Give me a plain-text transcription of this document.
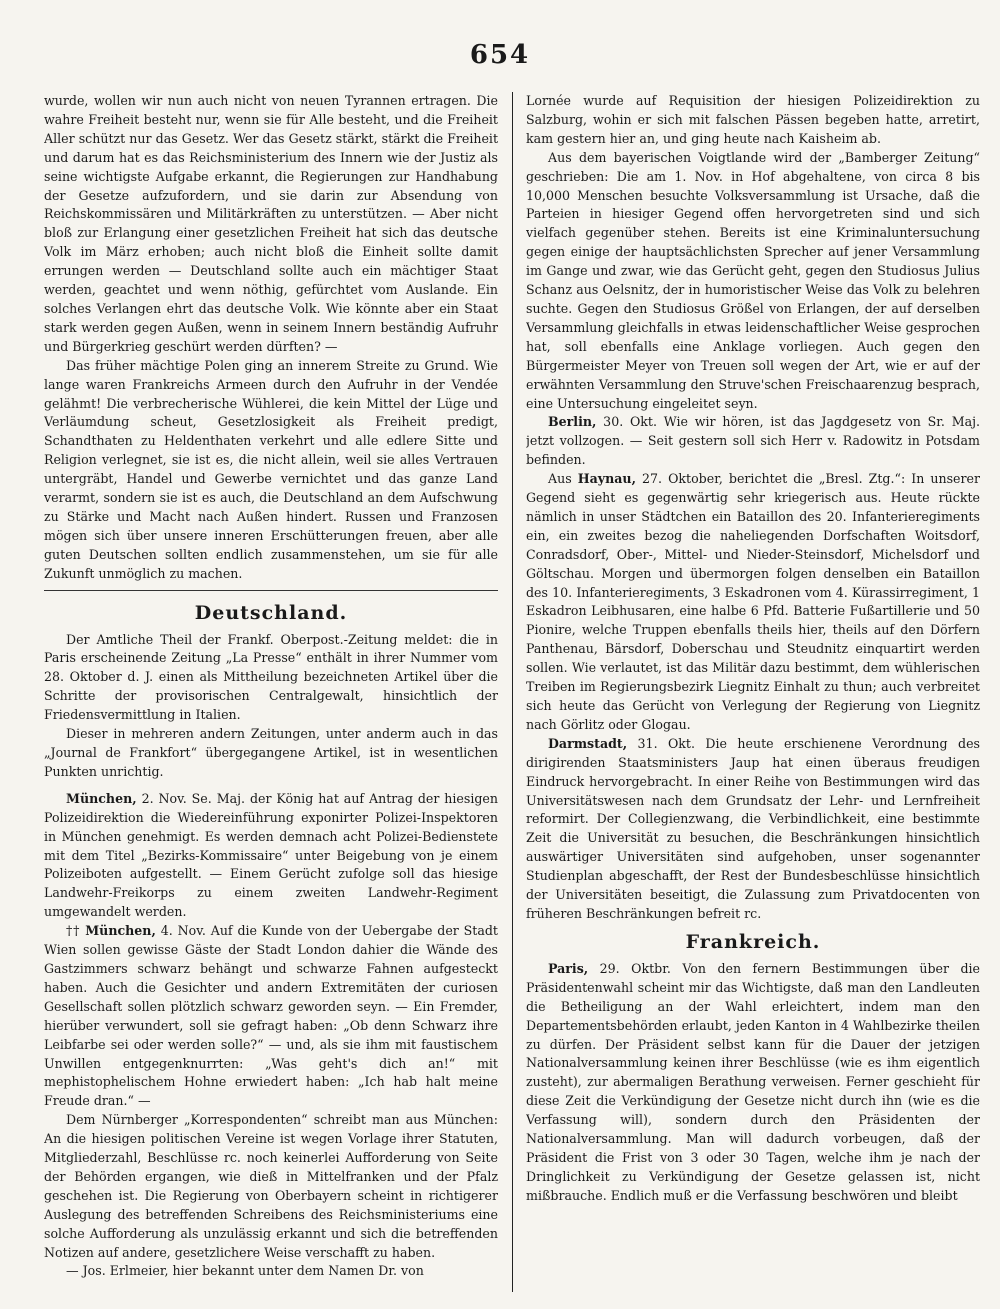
654

wurde, wollen wir nun auch nicht von neuen Tyrannen ertragen. Die wahre Freiheit besteht nur, wenn sie für Alle besteht, und die Freiheit Aller schützt nur das Gesetz. Wer das Gesetz stärkt, stärkt die Freiheit und darum hat es das Reichsministerium des Innern wie der Justiz als seine wichtigste Aufgabe erkannt, die Regierungen zur Handhabung der Gesetze aufzufordern, und sie darin zur Absendung von Reichskommissären und Militärkräften zu unterstützen. — Aber nicht bloß zur Erlangung einer gesetzlichen Freiheit hat sich das deutsche Volk im März erhoben; auch nicht bloß die Einheit sollte damit errungen werden — Deutschland sollte auch ein mächtiger Staat werden, geachtet und wenn nöthig, gefürchtet vom Auslande. Ein solches Verlangen ehrt das deutsche Volk. Wie könnte aber ein Staat stark werden gegen Außen, wenn in seinem Innern beständig Aufruhr und Bürgerkrieg geschürt werden dürften? —

Das früher mächtige Polen ging an innerem Streite zu Grund. Wie lange waren Frankreichs Armeen durch den Aufruhr in der Vendée gelähmt! Die verbrecherische Wühlerei, die kein Mittel der Lüge und Verläumdung scheut, Gesetzlosigkeit als Freiheit predigt, Schandthaten zu Heldenthaten verkehrt und alle edlere Sitte und Religion verlegnet, sie ist es, die nicht allein, weil sie alles Vertrauen untergräbt, Handel und Gewerbe vernichtet und das ganze Land verarmt, sondern sie ist es auch, die Deutschland an dem Aufschwung zu Stärke und Macht nach Außen hindert. Russen und Franzosen mögen sich über unsere inneren Erschütterungen freuen, aber alle guten Deutschen sollten endlich zusammenstehen, um sie für alle Zukunft unmöglich zu machen.

Deutschland.

Der Amtliche Theil der Frankf. Oberpost.-Zeitung meldet: die in Paris erscheinende Zeitung „La Presse“ enthält in ihrer Nummer vom 28. Oktober d. J. einen als Mittheilung bezeichneten Artikel über die Schritte der provisorischen Centralgewalt, hinsichtlich der Friedensvermittlung in Italien.

Dieser in mehreren andern Zeitungen, unter anderm auch in das „Journal de Frankfort“ übergegangene Artikel, ist in wesentlichen Punkten unrichtig.

München, 2. Nov. Se. Maj. der König hat auf Antrag der hiesigen Polizeidirektion die Wiedereinführung exponirter Polizei-Inspektoren in München genehmigt. Es werden demnach acht Polizei-Bedienstete mit dem Titel „Bezirks-Kommissaire“ unter Beigebung von je einem Polizeiboten aufgestellt. — Einem Gerücht zufolge soll das hiesige Landwehr-Freikorps zu einem zweiten Landwehr-Regiment umgewandelt werden.

†† München, 4. Nov. Auf die Kunde von der Uebergabe der Stadt Wien sollen gewisse Gäste der Stadt London dahier die Wände des Gastzimmers schwarz behängt und schwarze Fahnen aufgesteckt haben. Auch die Gesichter und andern Extremitäten der curiosen Gesellschaft sollen plötzlich schwarz geworden seyn. — Ein Fremder, hierüber verwundert, soll sie gefragt haben: „Ob denn Schwarz ihre Leibfarbe sei oder werden solle?“ — und, als sie ihm mit faustischem Unwillen entgegenknurrten: „Was geht's dich an!“ mit mephistophelischem Hohne erwiedert haben: „Ich hab halt meine Freude dran.“ —

Dem Nürnberger „Korrespondenten“ schreibt man aus München: An die hiesigen politischen Vereine ist wegen Vorlage ihrer Statuten, Mitgliederzahl, Beschlüsse rc. noch keinerlei Aufforderung von Seite der Behörden ergangen, wie dieß in Mittelfranken und der Pfalz geschehen ist. Die Regierung von Oberbayern scheint in richtigerer Auslegung des betreffenden Schreibens des Reichsministeriums eine solche Aufforderung als unzulässig erkannt und sich die betreffenden Notizen auf andere, gesetzlichere Weise verschafft zu haben.

— Jos. Erlmeier, hier bekannt unter dem Namen Dr. von

Lornée wurde auf Requisition der hiesigen Polizeidirektion zu Salzburg, wohin er sich mit falschen Pässen begeben hatte, arretirt, kam gestern hier an, und ging heute nach Kaisheim ab.

Aus dem bayerischen Voigtlande wird der „Bamberger Zeitung“ geschrieben: Die am 1. Nov. in Hof abgehaltene, von circa 8 bis 10,000 Menschen besuchte Volksversammlung ist Ursache, daß die Parteien in hiesiger Gegend offen hervorgetreten sind und sich vielfach gegenüber stehen. Bereits ist eine Kriminaluntersuchung gegen einige der hauptsächlichsten Sprecher auf jener Versammlung im Gange und zwar, wie das Gerücht geht, gegen den Studiosus Julius Schanz aus Oelsnitz, der in humoristischer Weise das Volk zu belehren suchte. Gegen den Studiosus Größel von Erlangen, der auf derselben Versammlung gleichfalls in etwas leidenschaftlicher Weise gesprochen hat, soll ebenfalls eine Anklage vorliegen. Auch gegen den Bürgermeister Meyer von Treuen soll wegen der Art, wie er auf der erwähnten Versammlung den Struve'schen Freischaarenzug besprach, eine Untersuchung eingeleitet seyn.

Berlin, 30. Okt. Wie wir hören, ist das Jagdgesetz von Sr. Maj. jetzt vollzogen. — Seit gestern soll sich Herr v. Radowitz in Potsdam befinden.

Aus Haynau, 27. Oktober, berichtet die „Bresl. Ztg.“: In unserer Gegend sieht es gegenwärtig sehr kriegerisch aus. Heute rückte nämlich in unser Städtchen ein Bataillon des 20. Infanterieregiments ein, ein zweites bezog die naheliegenden Dorfschaften Woitsdorf, Conradsdorf, Ober-, Mittel- und Nieder-Steinsdorf, Michelsdorf und Göltschau. Morgen und übermorgen folgen denselben ein Bataillon des 10. Infanterieregiments, 3 Eskadronen vom 4. Kürassirregiment, 1 Eskadron Leibhusaren, eine halbe 6 Pfd. Batterie Fußartillerie und 50 Pionire, welche Truppen ebenfalls theils hier, theils auf den Dörfern Panthenau, Bärsdorf, Doberschau und Steudnitz einquartirt werden sollen. Wie verlautet, ist das Militär dazu bestimmt, dem wühlerischen Treiben im Regierungsbezirk Liegnitz Einhalt zu thun; auch verbreitet sich heute das Gerücht von Verlegung der Regierung von Liegnitz nach Görlitz oder Glogau.

Darmstadt, 31. Okt. Die heute erschienene Verordnung des dirigirenden Staatsministers Jaup hat einen überaus freudigen Eindruck hervorgebracht. In einer Reihe von Bestimmungen wird das Universitätswesen nach dem Grundsatz der Lehr- und Lernfreiheit reformirt. Der Collegienzwang, die Verbindlichkeit, eine bestimmte Zeit die Universität zu besuchen, die Beschränkungen hinsichtlich auswärtiger Universitäten sind aufgehoben, unser sogenannter Studienplan abgeschafft, der Rest der Bundesbeschlüsse hinsichtlich der Universitäten beseitigt, die Zulassung zum Privatdocenten von früheren Beschränkungen befreit rc.

Frankreich.

Paris, 29. Oktbr. Von den fernern Bestimmungen über die Präsidentenwahl scheint mir das Wichtigste, daß man den Landleuten die Betheiligung an der Wahl erleichtert, indem man den Departementsbehörden erlaubt, jeden Kanton in 4 Wahlbezirke theilen zu dürfen. Der Präsident selbst kann für die Dauer der jetzigen Nationalversammlung keinen ihrer Beschlüsse (wie es ihm eigentlich zusteht), zur abermaligen Berathung verweisen. Ferner geschieht für diese Zeit die Verkündigung der Gesetze nicht durch ihn (wie es die Verfassung will), sondern durch den Präsidenten der Nationalversammlung. Man will dadurch vorbeugen, daß der Präsident die Frist von 3 oder 30 Tagen, welche ihm je nach der Dringlichkeit zu Verkündigung der Gesetze gelassen ist, nicht mißbrauche. Endlich muß er die Verfassung beschwören und bleibt
